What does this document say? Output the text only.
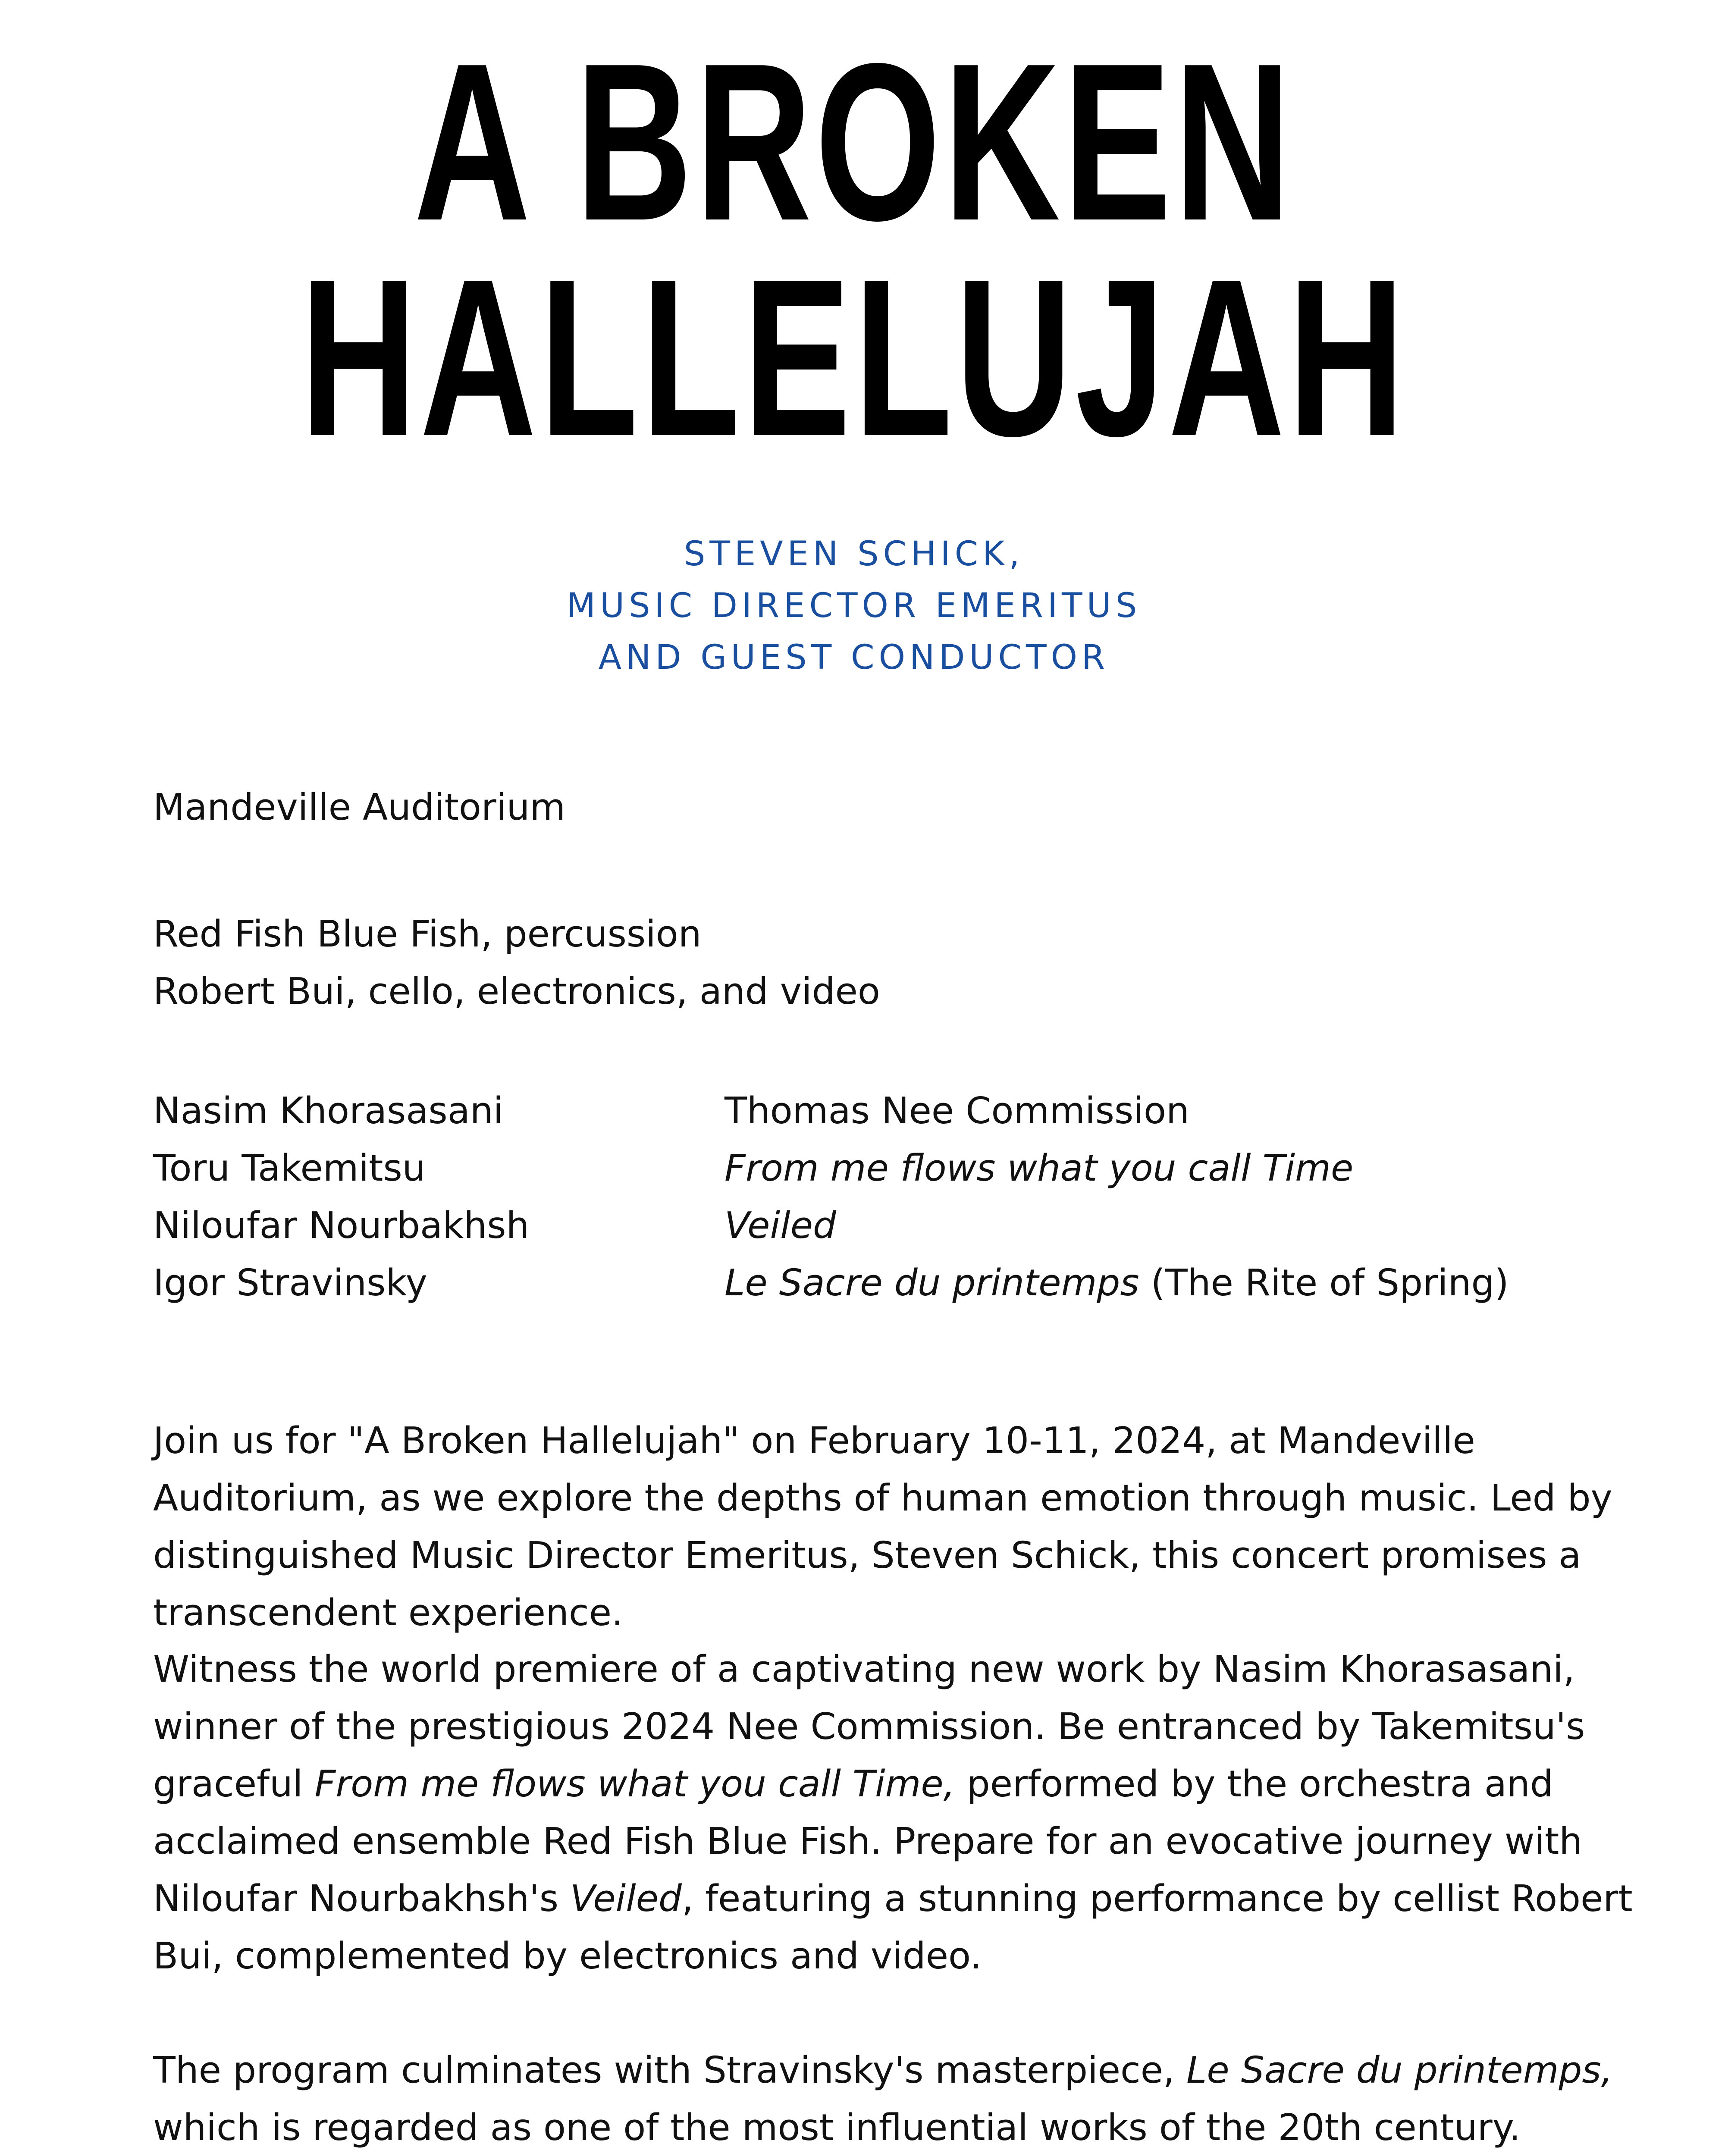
A BROKEN
HALLELUJAH
STEVEN SCHICK,
MUSIC DIRECTOR EMERITUS
AND GUEST CONDUCTOR
Mandeville Auditorium
Red Fish Blue Fish, percussion
Robert Bui, cello, electronics, and video
Nasim Khorasasani	Thomas Nee Commission
Toru Takemitsu	From me flows what you call Time
Niloufar Nourbakhsh	Veiled
Igor Stravinsky	Le Sacre du printemps (The Rite of Spring)

Join us for "A Broken Hallelujah" on February 10-11, 2024, at Mandeville Auditorium, as we explore the depths of human emotion through music. Led by distinguished Music Director Emeritus, Steven Schick, this concert promises a transcendent experience.

Witness the world premiere of a captivating new work by Nasim Khorasasani, winner of the prestigious 2024 Nee Commission. Be entranced by Takemitsu's graceful From me flows what you call Time, performed by the orchestra and acclaimed ensemble Red Fish Blue Fish. Prepare for an evocative journey with Niloufar Nourbakhsh's Veiled, featuring a stunning performance by cellist Robert Bui, complemented by electronics and video.

The program culminates with Stravinsky's masterpiece, Le Sacre du printemps, which is regarded as one of the most influential works of the 20th century.
